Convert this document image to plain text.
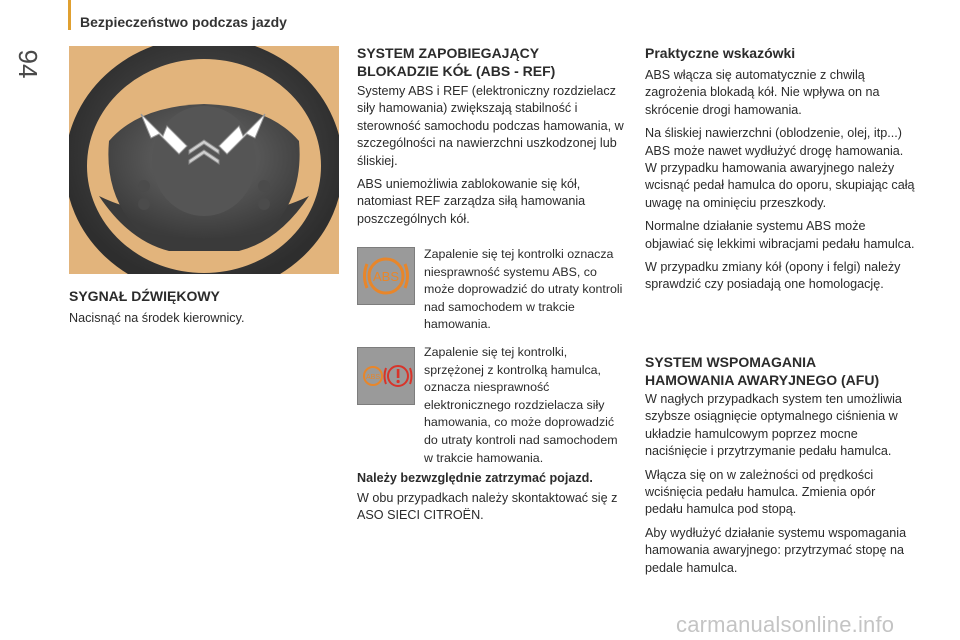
94
Bezpieczeństwo podczas jazdy
SYGNAŁ DŹWIĘKOWY
Nacisnąć na środek kierownicy.
SYSTEM ZAPOBIEGAJĄCY
BLOKADZIE KÓŁ (ABS - REF)

Systemy ABS i REF (elektroniczny rozdzielacz siły hamowania) zwiększają stabilność i sterowność samochodu podczas hamowania, w szczególności na nawierzchni uszkodzonej lub śliskiej.

ABS uniemożliwia zablokowanie się kół, natomiast REF zarządza siłą hamowania poszczególnych kół.

ABS
Zapalenie się tej kontrolki oznacza niesprawność systemu ABS, co może doprowadzić do utraty kontroli nad samochodem w trakcie hamowania.
ABS
Zapalenie się tej kontrolki, sprzężonej z kontrolką hamulca, oznacza niesprawność elektronicznego rozdzielacza siły hamowania, co może doprowadzić do utraty kontroli nad samochodem w trakcie hamowania.
Należy bezwzględnie zatrzymać pojazd.
W obu przypadkach należy skontaktować się z ASO SIECI CITROËN.
Praktyczne wskazówki

ABS włącza się automatycznie z chwilą zagrożenia blokadą kół. Nie wpływa on na skrócenie drogi hamowania.

Na śliskiej nawierzchni (oblodzenie, olej, itp...) ABS może nawet wydłużyć drogę hamowania. W przypadku hamowania awaryjnego należy wcisnąć pedał hamulca do oporu, skupiając całą uwagę na ominięciu przeszkody.

Normalne działanie systemu ABS może objawiać się lekkimi wibracjami pedału hamulca.

W przypadku zmiany kół (opony i felgi) należy sprawdzić czy posiadają one homologację.

SYSTEM WSPOMAGANIA
HAMOWANIA AWARYJNEGO (AFU)

W nagłych przypadkach system ten umożliwia szybsze osiągnięcie optymalnego ciśnienia w układzie hamulcowym poprzez mocne naciśnięcie i przytrzymanie pedału hamulca.

Włącza się on w zależności od prędkości wciśnięcia pedału hamulca. Zmienia opór pedału hamulca pod stopą.

Aby wydłużyć działanie systemu wspomagania hamowania awaryjnego: przytrzymać stopę na pedale hamulca.

carmanualsonline.info
